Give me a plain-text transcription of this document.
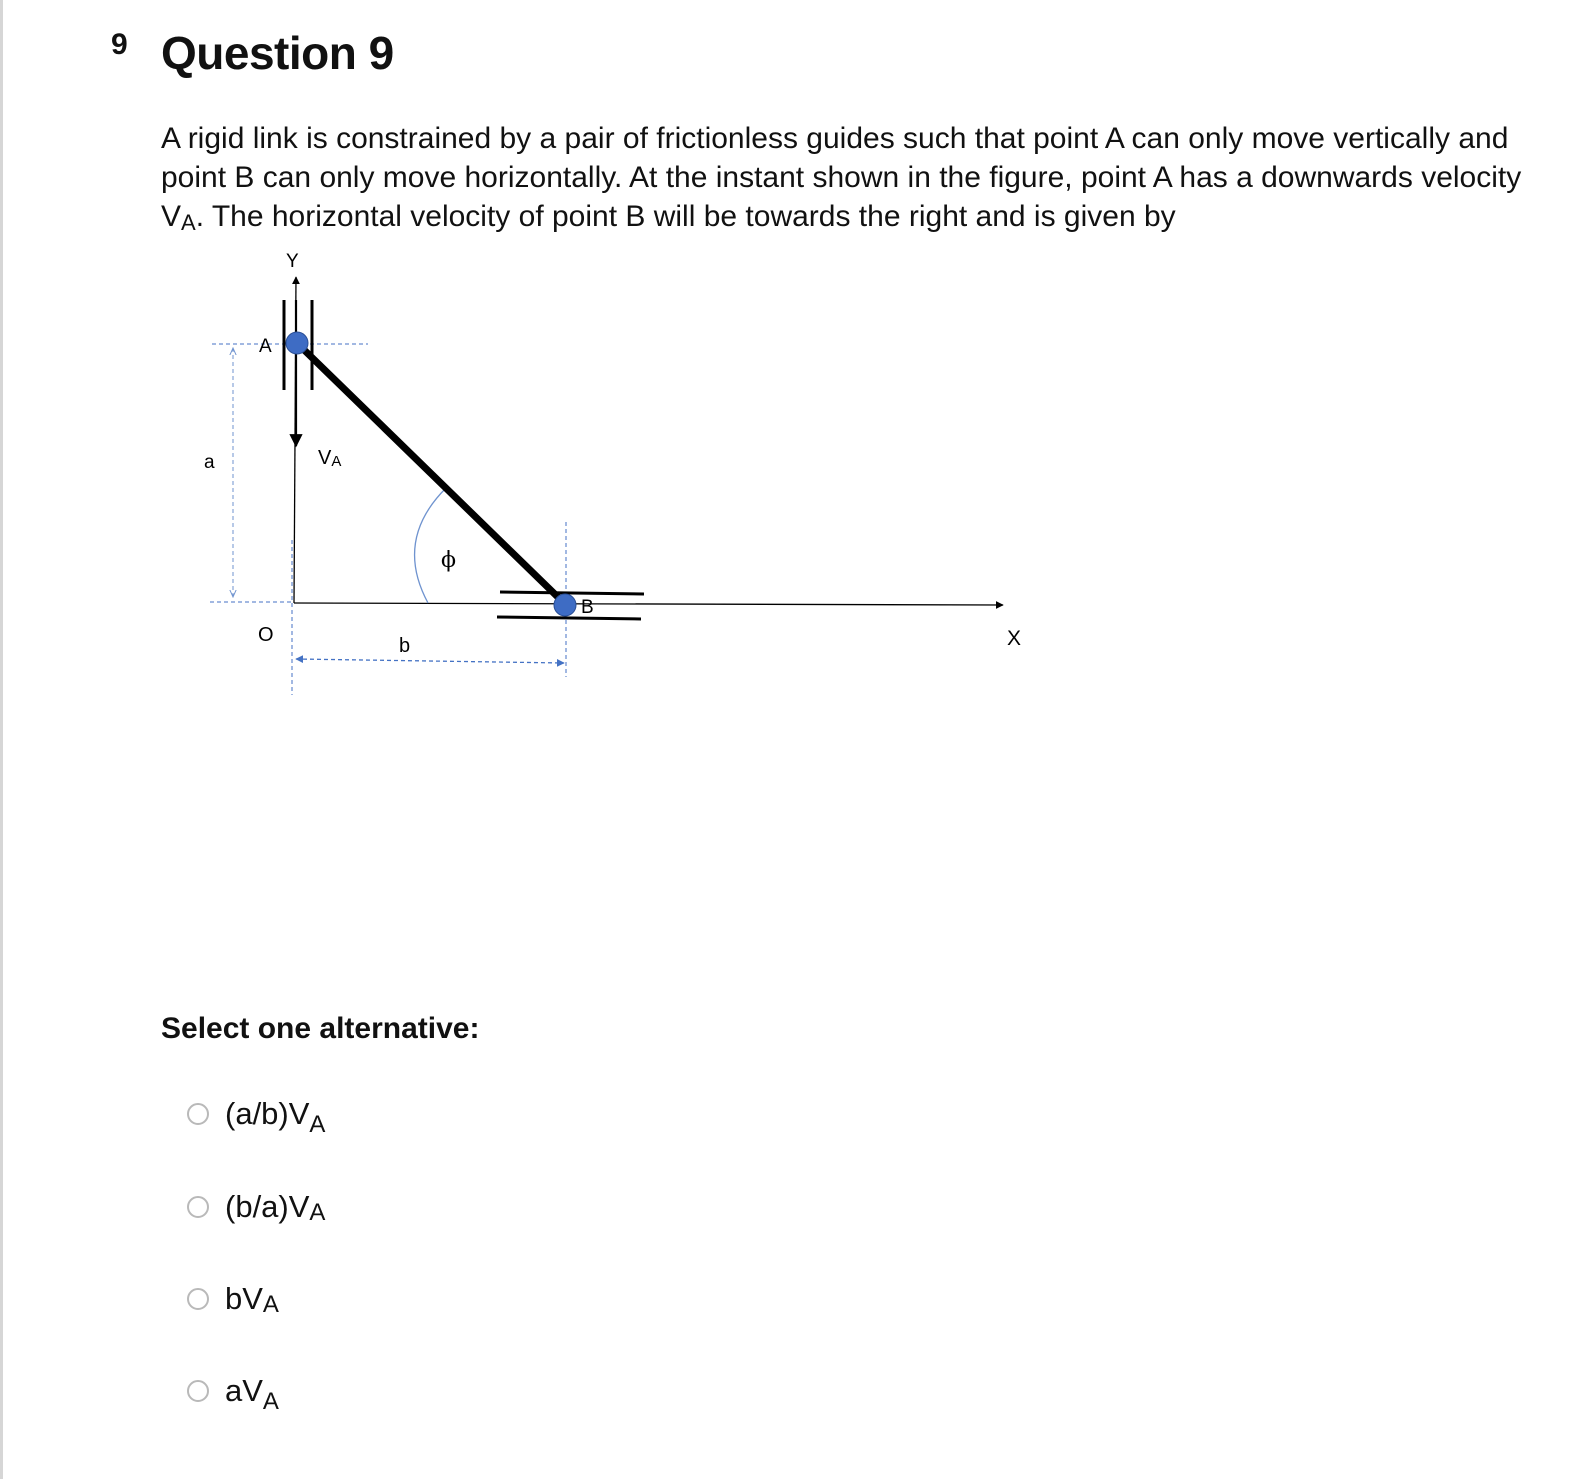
9 Question 9

A rigid link is constrained by a pair of frictionless guides such that point A can only move vertically and point B can only move horizontally. At the instant shown in the figure, point A has a downwards velocity $V_A$. The horizontal velocity of point B will be towards the right and is given by

Y
A
a	VA
ϕ
B
O	b	X
Select one alternative:
$(a/b)V_A$
(b/a)VA
bVA
$aV_A$
